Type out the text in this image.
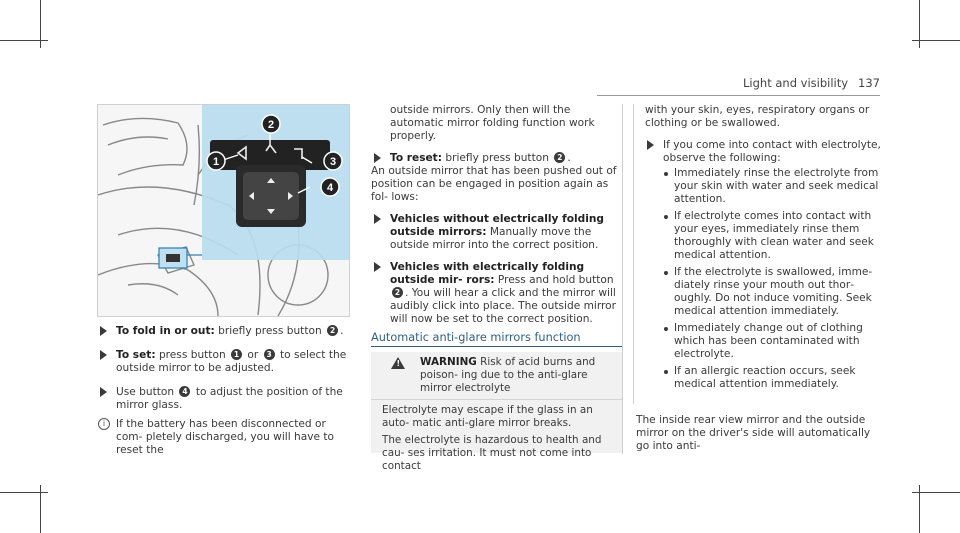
Light and visibility 137
1
2
3
4

To fold in or out: briefly press button 2 .

To set: press button 1 or 3 to select the outside mirror to be adjusted.

Use button 4 to adjust the position of the mirror glass.

i	If the battery has been disconnected or com‑ pletely discharged, you will have to reset the

outside mirrors. Only then will the automatic mirror folding function work properly.

To reset: briefly press button 2 .

An outside mirror that has been pushed out of position can be engaged in position again as fol‑ lows:

Vehicles without electrically folding outside mirrors: Manually move the outside mirror into the correct position.

Vehicles with electrically folding outside mir‑ rors: Press and hold button 2 . You will hear a click and the mirror will audibly click into place. The outside mirror will now be set to the correct position.

Automatic anti-glare mirrors function
! WARNING Risk of acid burns and poison‑ ing due to the anti-glare mirror electrolyte

Electrolyte may escape if the glass in an auto‑ matic anti-glare mirror breaks.

The electrolyte is hazardous to health and cau‑ ses irritation. It must not come into contact

with your skin, eyes, respiratory organs or clothing or be swallowed.

If you come into contact with electrolyte, observe the following:

Immediately rinse the electrolyte from your skin with water and seek medical attention.
If electrolyte comes into contact with your eyes, immediately rinse them thoroughly with clean water and seek medical attention.
If the electrolyte is swallowed, imme‑ diately rinse your mouth out thor‑ oughly. Do not induce vomiting. Seek medical attention immediately.
Immediately change out of clothing which has been contaminated with electrolyte.
If an allergic reaction occurs, seek medical attention immediately.

The inside rear view mirror and the outside mirror on the driver's side will automatically go into anti‑
